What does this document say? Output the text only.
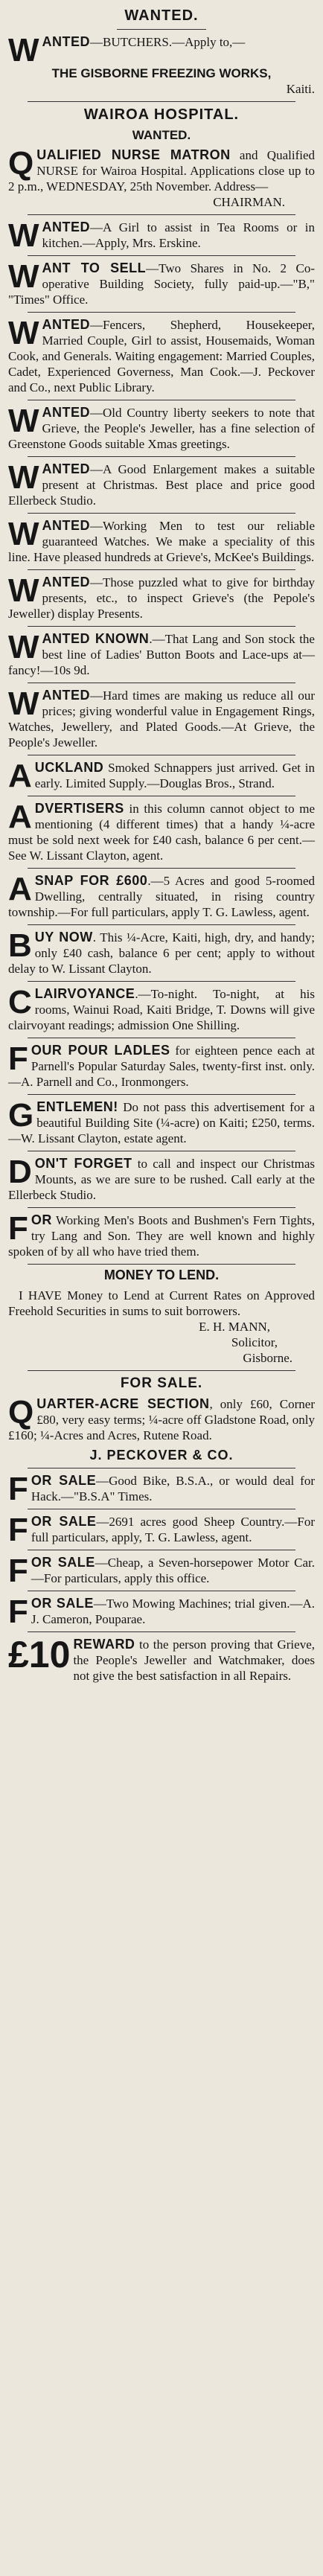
WANTED.
W ANTED—BUTCHERS.—Apply to,—
THE GISBORNE FREEZING WORKS,
Kaiti.
WAIROA HOSPITAL.
WANTED.
Q UALIFIED NURSE MATRON and Qualified NURSE for Wairoa Hospital. Applications close up to 2 p.m., WEDNESDAY, 25th November. Address—
CHAIRMAN.
W ANTED—A Girl to assist in Tea Rooms or in kitchen.—Apply, Mrs. Erskine.
W ANT TO SELL—Two Shares in No. 2 Co-operative Building Society, fully paid-up.—"B," "Times" Office.
W ANTED—Fencers, Shepherd, Housekeeper, Married Couple, Girl to assist, Housemaids, Woman Cook, and Generals. Waiting engagement: Married Couples, Cadet, Experienced Governess, Man Cook.—J. Peckover and Co., next Public Library.
W ANTED—Old Country liberty seekers to note that Grieve, the People's Jeweller, has a fine selection of Greenstone Goods suitable Xmas greetings.
W ANTED—A Good Enlargement makes a suitable present at Christmas. Best place and price good Ellerbeck Studio.
W ANTED—Working Men to test our reliable guaranteed Watches. We make a speciality of this line. Have pleased hundreds at Grieve's, McKee's Buildings.
W ANTED—Those puzzled what to give for birthday presents, etc., to inspect Grieve's (the Pepole's Jeweller) display Presents.
W ANTED KNOWN.—That Lang and Son stock the best line of Ladies' Button Boots and Lace-ups at—fancy!—10s 9d.
W ANTED—Hard times are making us reduce all our prices; giving wonderful value in Engagement Rings, Watches, Jewellery, and Plated Goods.—At Grieve, the People's Jeweller.
A UCKLAND Smoked Schnappers just arrived. Get in early. Limited Supply.—Douglas Bros., Strand.
A DVERTISERS in this column cannot object to me mentioning (4 different times) that a handy ¼-acre must be sold next week for £40 cash, balance 6 per cent.—See W. Lissant Clayton, agent.
A SNAP FOR £600.—5 Acres and good 5-roomed Dwelling, centrally situated, in rising country township.—For full particulars, apply T. G. Lawless, agent.
B UY NOW. This ¼-Acre, Kaiti, high, dry, and handy; only £40 cash, balance 6 per cent; apply to without delay to W. Lissant Clayton.
C LAIRVOYANCE.—To-night. To-night, at his rooms, Wainui Road, Kaiti Bridge, T. Downs will give clairvoyant readings; admission One Shilling.
F OUR POUR LADLES for eighteen pence each at Parnell's Popular Saturday Sales, twenty-first inst. only.—A. Parnell and Co., Ironmongers.
G ENTLEMEN! Do not pass this advertisement for a beautiful Building Site (¼-acre) on Kaiti; £250, terms.—W. Lissant Clayton, estate agent.
D ON'T FORGET to call and inspect our Christmas Mounts, as we are sure to be rushed. Call early at the Ellerbeck Studio.
F OR Working Men's Boots and Bushmen's Fern Tights, try Lang and Son. They are well known and highly spoken of by all who have tried them.
MONEY TO LEND.
I HAVE Money to Lend at Current Rates on Approved Freehold Securities in sums to suit borrowers.
E. H. MANN,
Solicitor,
Gisborne.
FOR SALE.
Q UARTER-ACRE SECTION, only £60, Corner £80, very easy terms; ¼-acre off Gladstone Road, only £160; ¼-Acres and Acres, Rutene Road.
J. PECKOVER & CO.
F OR SALE—Good Bike, B.S.A., or would deal for Hack.—"B.S.A" Times.
F OR SALE—2691 acres good Sheep Country.—For full particulars, apply, T. G. Lawless, agent.
F OR SALE—Cheap, a Seven-horsepower Motor Car.—For particulars, apply this office.
F OR SALE—Two Mowing Machines; trial given.—A. J. Cameron, Pouparae.
£10 REWARD to the person proving that Grieve, the People's Jeweller and Watchmaker, does not give the best satisfaction in all Repairs.
